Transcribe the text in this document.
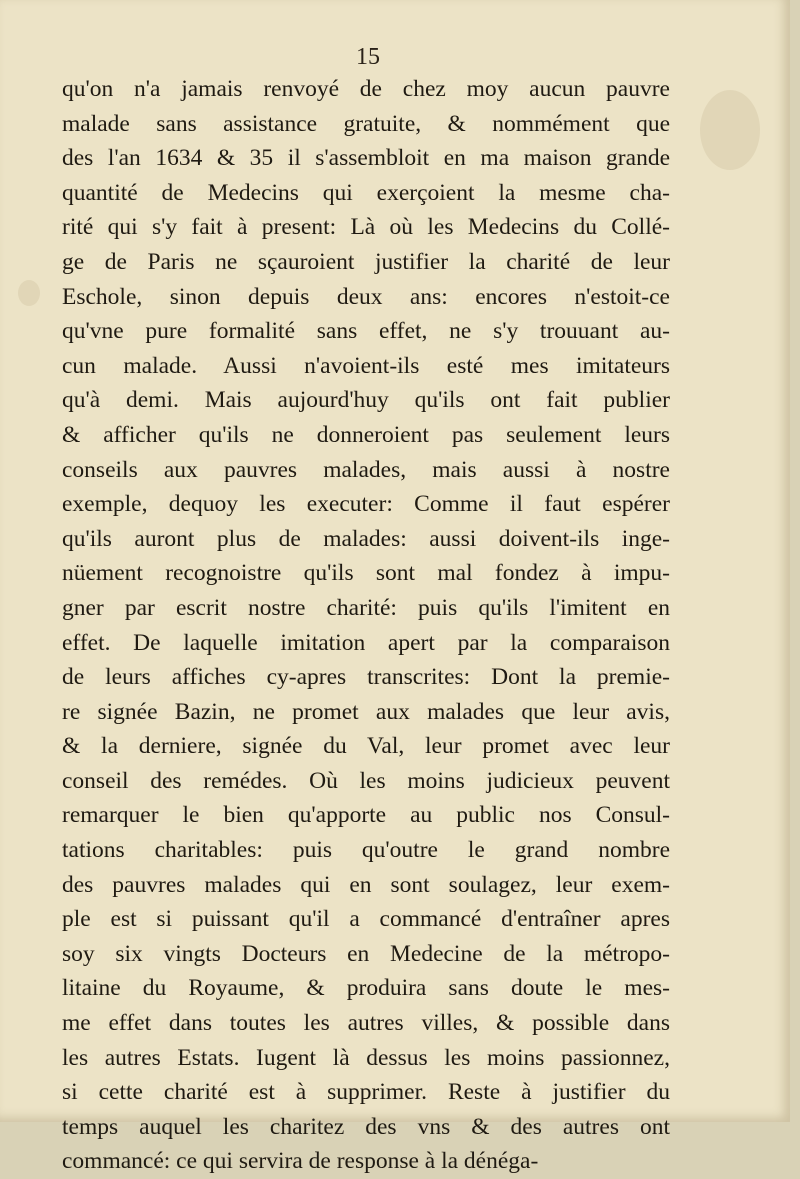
15
qu'on n'a jamais renvoyé de chez moy aucun pauvre
malade sans assistance gratuite, & nommément que
des l'an 1634 & 35 il s'assembloit en ma maison grande
quantité de Medecins qui exerçoient la mesme cha-
rité qui s'y fait à present: Là où les Medecins du Collé-
ge de Paris ne sçauroient justifier la charité de leur
Eschole, sinon depuis deux ans: encores n'estoit-ce
qu'vne pure formalité sans effet, ne s'y trouuant au-
cun malade. Aussi n'avoient-ils esté mes imitateurs
qu'à demi. Mais aujourd'huy qu'ils ont fait publier
& afficher qu'ils ne donneroient pas seulement leurs
conseils aux pauvres malades, mais aussi à nostre
exemple, dequoy les executer: Comme il faut espérer
qu'ils auront plus de malades: aussi doivent-ils inge-
nüement recognoistre qu'ils sont mal fondez à impu-
gner par escrit nostre charité: puis qu'ils l'imitent en
effet. De laquelle imitation apert par la comparaison
de leurs affiches cy-apres transcrites: Dont la premie-
re signée Bazin, ne promet aux malades que leur avis,
& la derniere, signée du Val, leur promet avec leur
conseil des remédes. Où les moins judicieux peuvent
remarquer le bien qu'apporte au public nos Consul-
tations charitables: puis qu'outre le grand nombre
des pauvres malades qui en sont soulagez, leur exem-
ple est si puissant qu'il a commancé d'entraîner apres
soy six vingts Docteurs en Medecine de la métropo-
litaine du Royaume, & produira sans doute le mes-
me effet dans toutes les autres villes, & possible dans
les autres Estats. Iugent là dessus les moins passionnez,
si cette charité est à supprimer. Reste à justifier du
temps auquel les charitez des vns & des autres ont
commancé: ce qui servira de response à la dénéga-
